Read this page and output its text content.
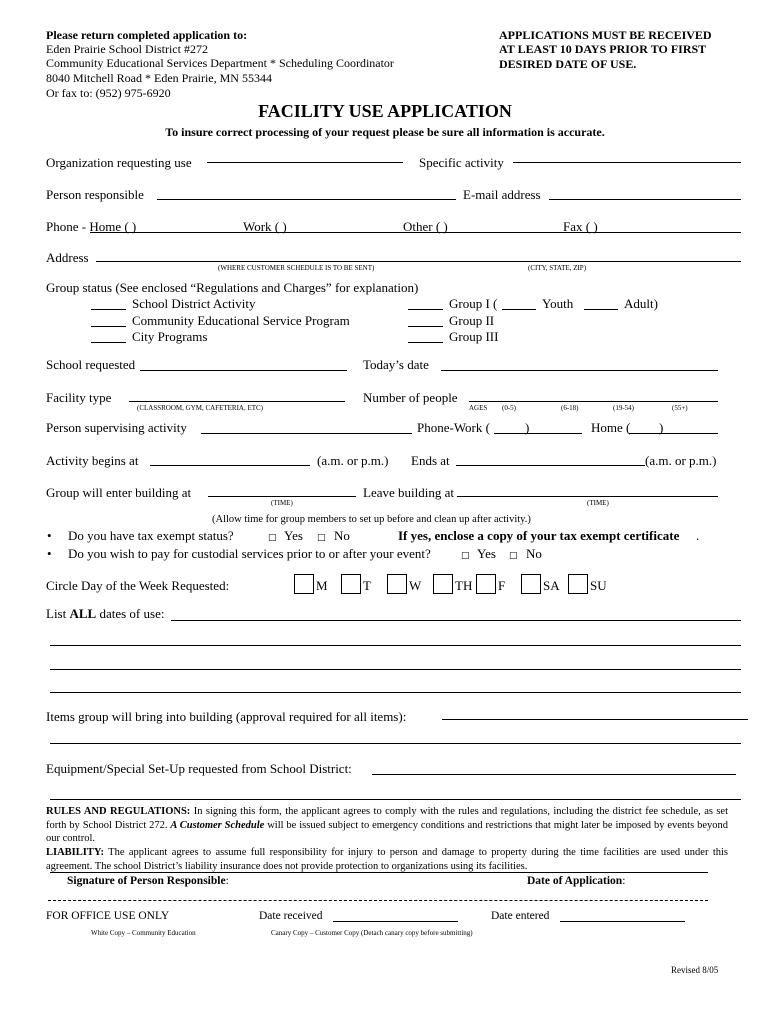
Please return completed application to:
Eden Prairie School District #272
Community Educational Services Department * Scheduling Coordinator
8040 Mitchell Road * Eden Prairie, MN 55344
Or fax to: (952) 975-6920
APPLICATIONS MUST BE RECEIVED
AT LEAST 10 DAYS PRIOR TO FIRST
DESIRED DATE OF USE.
FACILITY USE APPLICATION
To insure correct processing of your request please be sure all information is accurate.
Organization requesting use	Specific activity
Person responsible	E-mail address
Phone - Home ( )	Work ( )	Other ( )	Fax ( )
Address
(WHERE CUSTOMER SCHEDULE IS TO BE SENT)	(CITY, STATE, ZIP)
Group status (See enclosed “Regulations and Charges” for explanation)
School District Activity
Community Educational Service Program
City Programs
Group I (	Youth	Adult)
Group II
Group III
School requested	Today’s date
Facility type
(CLASSROOM, GYM, CAFETERIA, ETC)
Number of people
AGES (0-5)	(6-18)	(19-54)	(55+)
Person supervising activity	Phone-Work (	)	Home ( )
Activity begins at	(a.m. or p.m.) Ends at	(a.m. or p.m.)
Group will enter building at
(TIME)
Leave building at
(TIME)
(Allow time for group members to set up before and clean up after activity.)
• Do you have tax exempt status?	□ Yes □ No	If yes, enclose a copy of your tax exempt certificate .
• Do you wish to pay for custodial services prior to or after your event?	□ Yes □ No
Circle Day of the Week Requested:	M	T	W	TH F	SA SU
List ALL dates of use:
Items group will bring into building (approval required for all items):
Equipment/Special Set-Up requested from School District:
RULES AND REGULATIONS: In signing this form, the applicant agrees to comply with the rules and regulations, including the district fee schedule, as set forth by School District 272. A Customer Schedule will be issued subject to emergency conditions and restrictions that might later be imposed by events beyond our control.
LIABILITY: The applicant agrees to assume full responsibility for injury to person and damage to property during the time facilities are used under this agreement. The school District’s liability insurance does not provide protection to organizations using its facilities.
Signature of Person Responsible:	Date of Application:
FOR OFFICE USE ONLY	Date received	Date entered
White Copy – Community Education	Canary Copy – Customer Copy (Detach canary copy before submitting)
Revised 8/05
